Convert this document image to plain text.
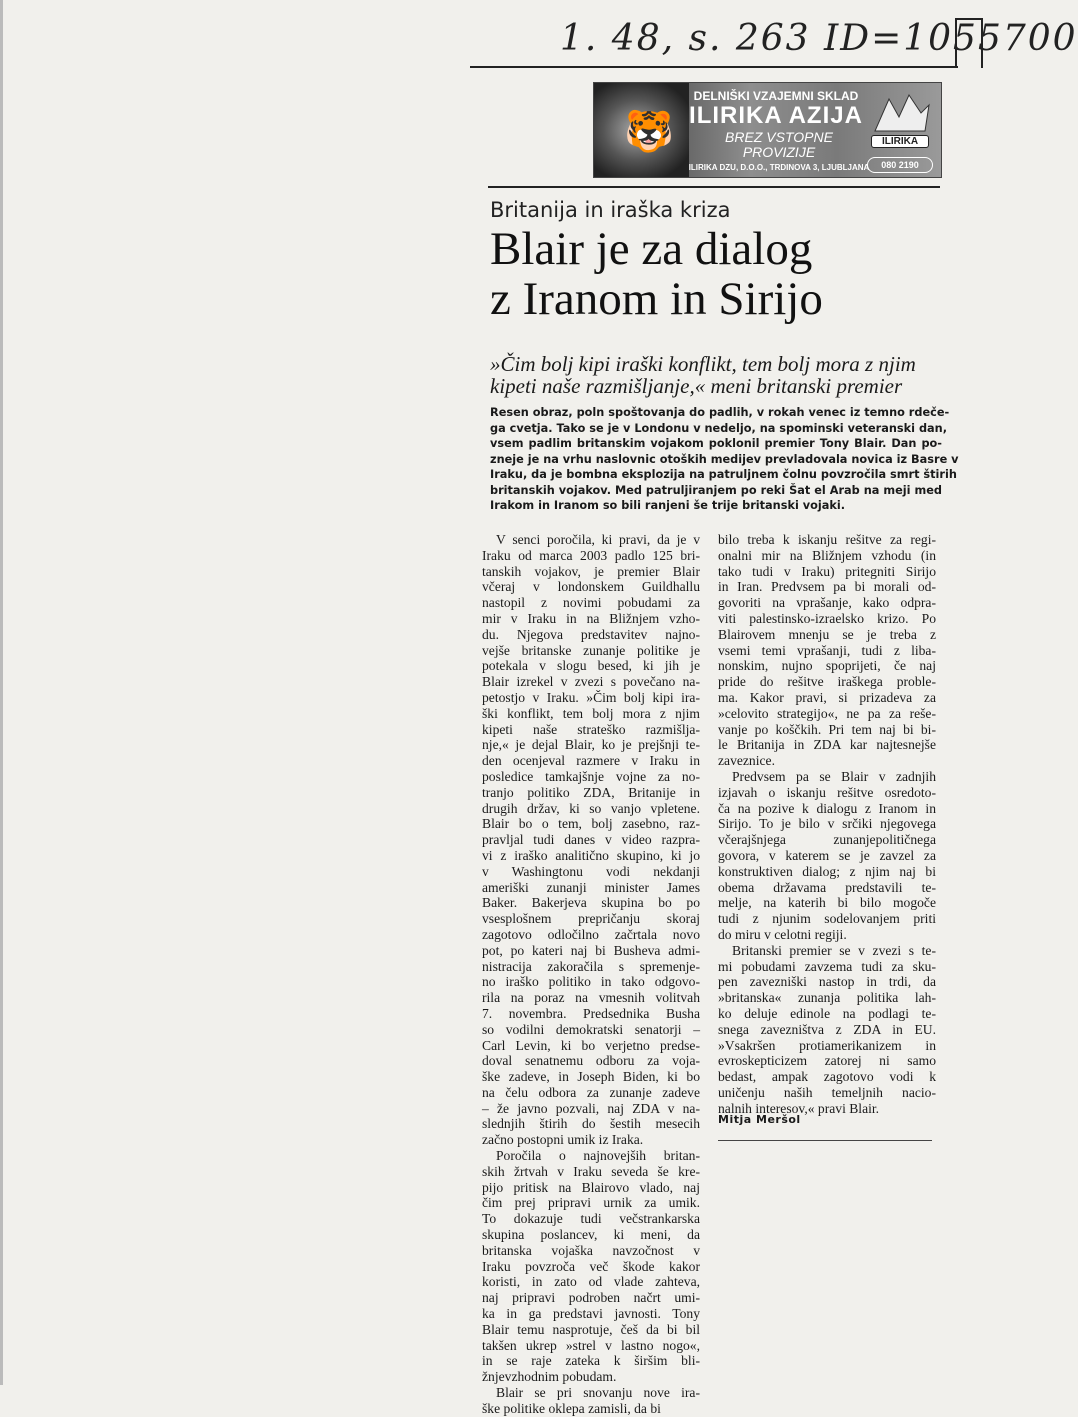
1. 48, s. 263 ID=1055700
🐯
DELNIŠKI VZAJEMNI SKLAD
ILIRIKA AZIJA
BREZ VSTOPNE
PROVIZIJE
ILIRIKA DZU, D.O.O., TRDINOVA 3, LJUBLJANA
ILIRIKA
080 2190
Britanija in iraška kriza
Blair je za dialog
z Iranom in Sirijo
»Čim bolj kipi iraški konflikt, tem bolj mora z njim
kipeti naše razmišljanje,« meni britanski premier
Resen obraz, poln spoštovanja do padlih, v rokah venec iz temno rdeče-
ga cvetja. Tako se je v Londonu v nedeljo, na spominski veteranski dan,
vsem padlim britanskim vojakom poklonil premier Tony Blair. Dan po-
zneje je na vrhu naslovnic otoških medijev prevladovala novica iz Basre v
Iraku, da je bombna eksplozija na patruljnem čolnu povzročila smrt štirih
britanskih vojakov. Med patruljiranjem po reki Šat el Arab na meji med
Irakom in Iranom so bili ranjeni še trije britanski vojaki.
V senci poročila, ki pravi, da je v
Iraku od marca 2003 padlo 125 bri-
tanskih vojakov, je premier Blair
včeraj v londonskem Guildhallu
nastopil z novimi pobudami za
mir v Iraku in na Bližnjem vzho-
du. Njegova predstavitev najno-
vejše britanske zunanje politike je
potekala v slogu besed, ki jih je
Blair izrekel v zvezi s povečano na-
petostjo v Iraku. »Čim bolj kipi ira-
ški konflikt, tem bolj mora z njim
kipeti naše strateško razmišlja-
nje,« je dejal Blair, ko je prejšnji te-
den ocenjeval razmere v Iraku in
posledice tamkajšnje vojne za no-
tranjo politiko ZDA, Britanije in
drugih držav, ki so vanjo vpletene.
Blair bo o tem, bolj zasebno, raz-
pravljal tudi danes v video razpra-
vi z iraško analitično skupino, ki jo
v Washingtonu vodi nekdanji
ameriški zunanji minister James
Baker. Bakerjeva skupina bo po
vsesplošnem prepričanju skoraj
zagotovo odločilno začrtala novo
pot, po kateri naj bi Busheva admi-
nistracija zakoračila s spremenje-
no iraško politiko in tako odgovo-
rila na poraz na vmesnih volitvah
7. novembra. Predsednika Busha
so vodilni demokratski senatorji –
Carl Levin, ki bo verjetno predse-
doval senatnemu odboru za voja-
ške zadeve, in Joseph Biden, ki bo
na čelu odbora za zunanje zadeve
– že javno pozvali, naj ZDA v na-
slednjih štirih do šestih mesecih
začno postopni umik iz Iraka.
Poročila o najnovejših britan-
skih žrtvah v Iraku seveda še kre-
pijo pritisk na Blairovo vlado, naj
čim prej pripravi urnik za umik.
To dokazuje tudi večstrankarska
skupina poslancev, ki meni, da
britanska vojaška navzočnost v
Iraku povzroča več škode kakor
koristi, in zato od vlade zahteva,
naj pripravi podroben načrt umi-
ka in ga predstavi javnosti. Tony
Blair temu nasprotuje, češ da bi bil
takšen ukrep »strel v lastno nogo«,
in se raje zateka k širšim bli-
žnjevzhodnim pobudam.
Blair se pri snovanju nove ira-
ške politike oklepa zamisli, da bi
bilo treba k iskanju rešitve za regi-
onalni mir na Bližnjem vzhodu (in
tako tudi v Iraku) pritegniti Sirijo
in Iran. Predvsem pa bi morali od-
govoriti na vprašanje, kako odpra-
viti palestinsko-izraelsko krizo. Po
Blairovem mnenju se je treba z
vsemi temi vprašanji, tudi z liba-
nonskim, nujno spoprijeti, če naj
pride do rešitve iraškega proble-
ma. Kakor pravi, si prizadeva za
»celovito strategijo«, ne pa za reše-
vanje po koščkih. Pri tem naj bi bi-
le Britanija in ZDA kar najtesnejše
zaveznice.
Predvsem pa se Blair v zadnjih
izjavah o iskanju rešitve osredoto-
ča na pozive k dialogu z Iranom in
Sirijo. To je bilo v srčiki njegovega
včerajšnjega zunanjepolitičnega
govora, v katerem se je zavzel za
konstruktiven dialog; z njim naj bi
obema državama predstavili te-
melje, na katerih bi bilo mogoče
tudi z njunim sodelovanjem priti
do miru v celotni regiji.
Britanski premier se v zvezi s te-
mi pobudami zavzema tudi za sku-
pen zavezniški nastop in trdi, da
»britanska« zunanja politika lah-
ko deluje edinole na podlagi te-
snega zavezništva z ZDA in EU.
»Vsakršen protiamerikanizem in
evroskepticizem zatorej ni samo
bedast, ampak zagotovo vodi k
uničenju naših temeljnih nacio-
nalnih interesov,« pravi Blair.
Mitja Meršol
